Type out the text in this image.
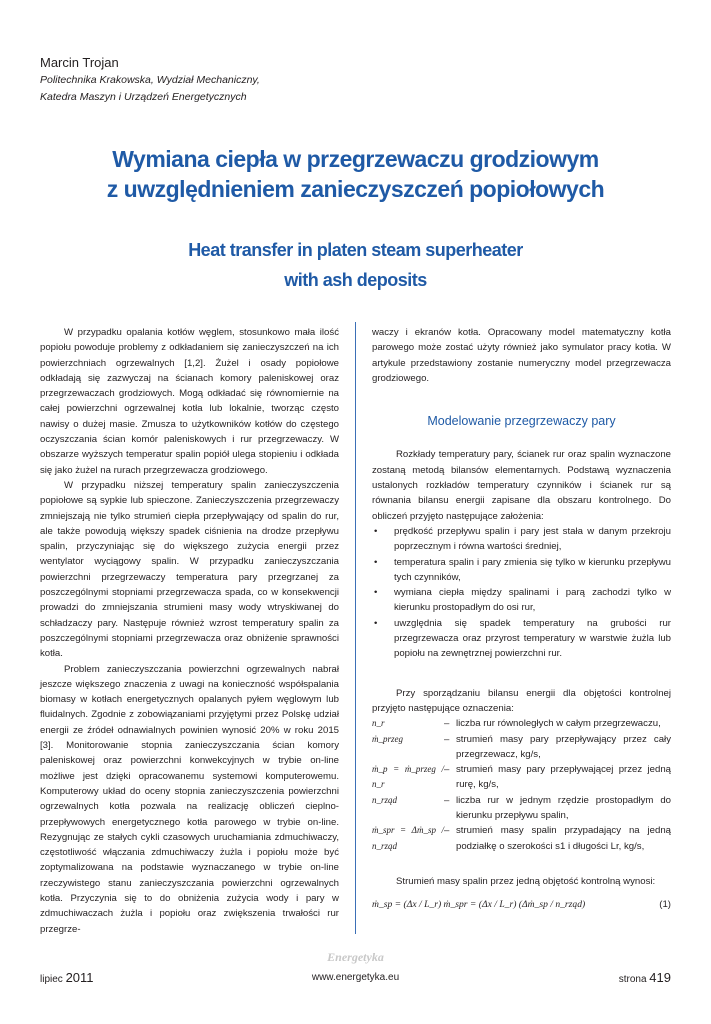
Marcin Trojan
Politechnika Krakowska, Wydział Mechaniczny,
Katedra Maszyn i Urządzeń Energetycznych
Wymiana ciepła w przegrzewaczu grodziowym
z uwzględnieniem zanieczyszczeń popiołowych
Heat transfer in platen steam superheater
with ash deposits

W przypadku opalania kotłów węglem, stosunkowo mała ilość popiołu powoduje problemy z odkładaniem się zanieczyszczeń na ich powierzchniach ogrzewalnych [1,2]. Żużel i osady popiołowe odkładają się zazwyczaj na ścianach komory paleniskowej oraz przegrzewaczach grodziowych. Mogą odkładać się równomiernie na całej powierzchni ogrzewalnej kotła lub lokalnie, tworząc często nawisy o dużej masie. Zmusza to użytkowników kotłów do częstego oczyszczania ścian komór paleniskowych i rur przegrzewaczy. W obszarze wyższych temperatur spalin popiół ulega stopieniu i odkłada się jako żużel na rurach przegrzewacza grodziowego.

W przypadku niższej temperatury spalin zanieczyszczenia popiołowe są sypkie lub spieczone. Zanieczyszczenia przegrzewaczy zmniejszają nie tylko strumień ciepła przepływający od spalin do rur, ale także powodują większy spadek ciśnienia na drodze przepływu spalin, przyczyniając się do większego zużycia energii przez wentylator wyciągowy spalin. W przypadku zanieczyszczania powierzchni przegrzewaczy temperatura pary przegrzanej za poszczególnymi stopniami przegrzewacza spada, co w konsekwencji prowadzi do zmniejszania strumieni masy wody wtryskiwanej do schładzaczy pary. Następuje również wzrost temperatury spalin za poszczególnymi stopniami przegrzewacza oraz obniżenie sprawności kotła.

Problem zanieczyszczania powierzchni ogrzewalnych nabrał jeszcze większego znaczenia z uwagi na konieczność współspalania biomasy w kotłach energetycznych opalanych pyłem węglowym lub fluidalnych. Zgodnie z zobowiązaniami przyjętymi przez Polskę udział energii ze źródeł odnawialnych powinien wynosić 20% w roku 2015 [3]. Monitorowanie stopnia zanieczyszczania ścian komory paleniskowej oraz powierzchni konwekcyjnych w trybie on-line możliwe jest dzięki opracowanemu systemowi komputerowemu. Komputerowy układ do oceny stopnia zanieczyszczenia powierzchni ogrzewalnych kotła pozwala na realizację obliczeń cieplno-przepływowych energetycznego kotła parowego w trybie on-line. Rezygnując ze stałych cykli czasowych uruchamiania zdmuchiwaczy, częstotliwość włączania zdmuchiwaczy żużla i popiołu może być zoptymalizowana na podstawie wyznaczanego w trybie on-line rzeczywistego stanu zanieczyszczania powierzchni ogrzewalnych kotła. Przyczynia się to do obniżenia zużycia wody i pary w zdmuchiwaczach żużla i popiołu oraz zwiększenia trwałości rur przegrze-

waczy i ekranów kotła. Opracowany model matematyczny kotła parowego może zostać użyty również jako symulator pracy kotła. W artykule przedstawiony zostanie numeryczny model przegrzewacza grodziowego.

Modelowanie przegrzewaczy pary

Rozkłady temperatury pary, ścianek rur oraz spalin wyznaczone zostaną metodą bilansów elementarnych. Podstawą wyznaczenia ustalonych rozkładów temperatury czynników i ścianek rur są równania bilansu energii zapisane dla obszaru kontrolnego. Do obliczeń przyjęto następujące założenia:

• prędkość przepływu spalin i pary jest stała w danym przekroju poprzecznym i równa wartości średniej,
• temperatura spalin i pary zmienia się tylko w kierunku przepływu tych czynników,
• wymiana ciepła między spalinami i parą zachodzi tylko w kierunku prostopadłym do osi rur,
• uwzględnia się spadek temperatury na grubości rur przegrzewacza oraz przyrost temperatury w warstwie żużla lub popiołu na zewnętrznej powierzchni rur.

Przy sporządzaniu bilansu energii dla objętości kontrolnej przyjęto następujące oznaczenia:

n_r	– liczba rur równoległych w całym przegrzewaczu,
ṁ_przeg	– strumień masy pary przepływający przez cały przegrzewacz, kg/s,
ṁ_p = ṁ_przeg / n_r
– strumień masy pary przepływającej przez jedną rurę, kg/s,
n_rząd	– liczba rur w jednym rzędzie prostopadłym do kierunku przepływu spalin,
ṁ_spr = Δṁ_sp / n_rząd
– strumień masy spalin przypadający na jedną podziałkę o szerokości s1 i długości Lr, kg/s,

Strumień masy spalin przez jedną objętość kontrolną wynosi:

ṁ_sp = (Δx / L_r) ṁ_spr = (Δx / L_r) (Δṁ_sp / n_rząd)	(1)
Energetyka
lipiec 2011	www.energetyka.eu	strona 419
